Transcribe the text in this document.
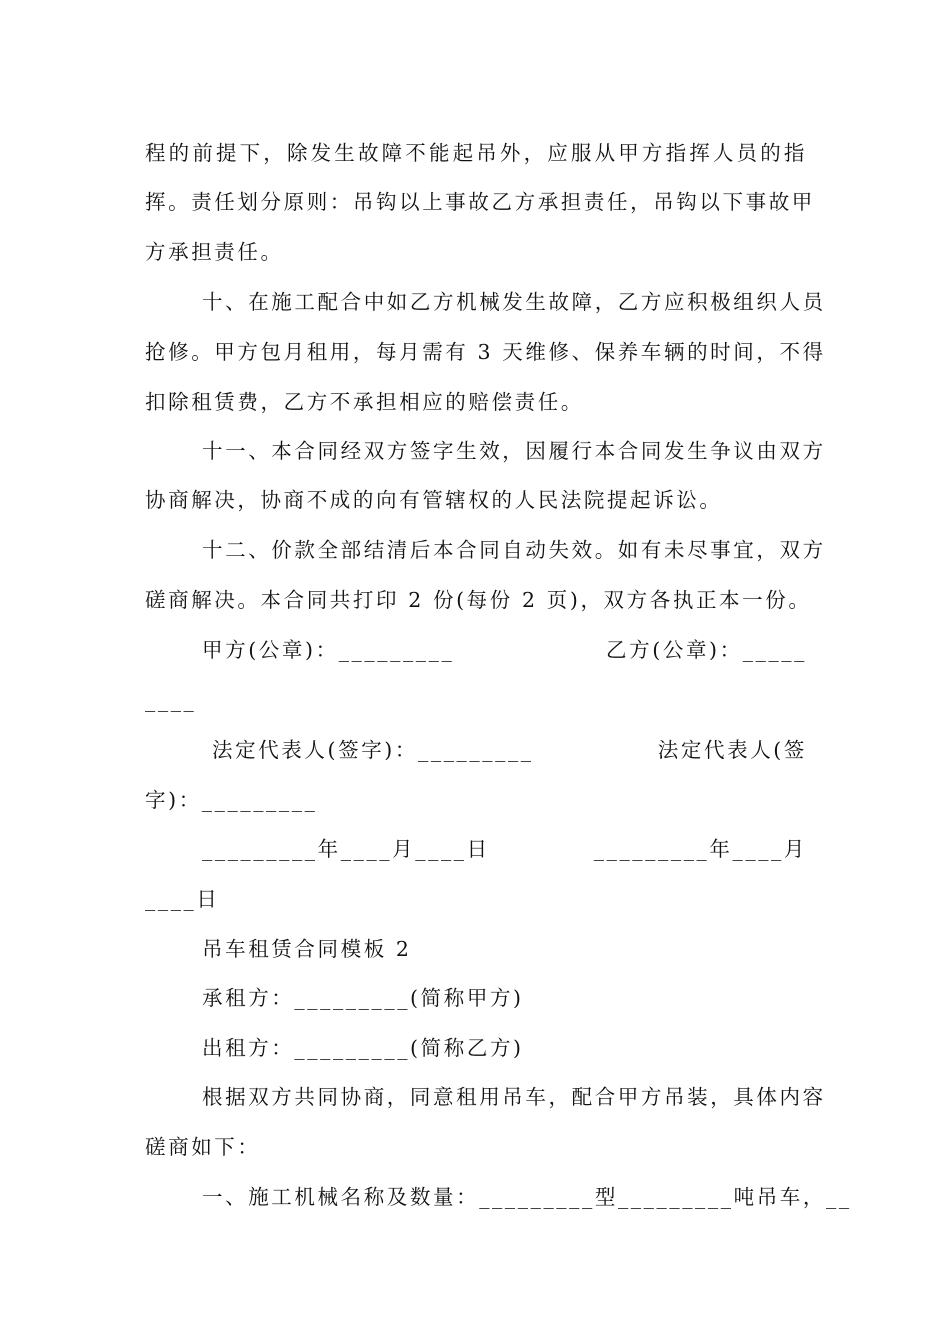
程的前提下，除发生故障不能起吊外，应服从甲方指挥人员的指
挥。责任划分原则：吊钩以上事故乙方承担责任，吊钩以下事故甲
方承担责任。
十、在施工配合中如乙方机械发生故障，乙方应积极组织人员
抢修。甲方包月租用，每月需有 3 天维修、保养车辆的时间，不得
扣除租赁费，乙方不承担相应的赔偿责任。
十一、本合同经双方签字生效，因履行本合同发生争议由双方
协商解决，协商不成的向有管辖权的人民法院提起诉讼。
十二、价款全部结清后本合同自动失效。如有未尽事宜，双方
磋商解决。本合同共打印 2 份(每份 2 页)，双方各执正本一份。
甲方(公章)：_________	乙方(公章)：_____
____
法定代表人(签字)：_________	法定代表人(签
字)：_________
_________年____月____日	_________年____月
____日
吊车租赁合同模板 2
承租方：_________(简称甲方)
出租方：_________(简称乙方)
根据双方共同协商，同意租用吊车，配合甲方吊装，具体内容
磋商如下：
一、施工机械名称及数量：_________型_________吨吊车，__
